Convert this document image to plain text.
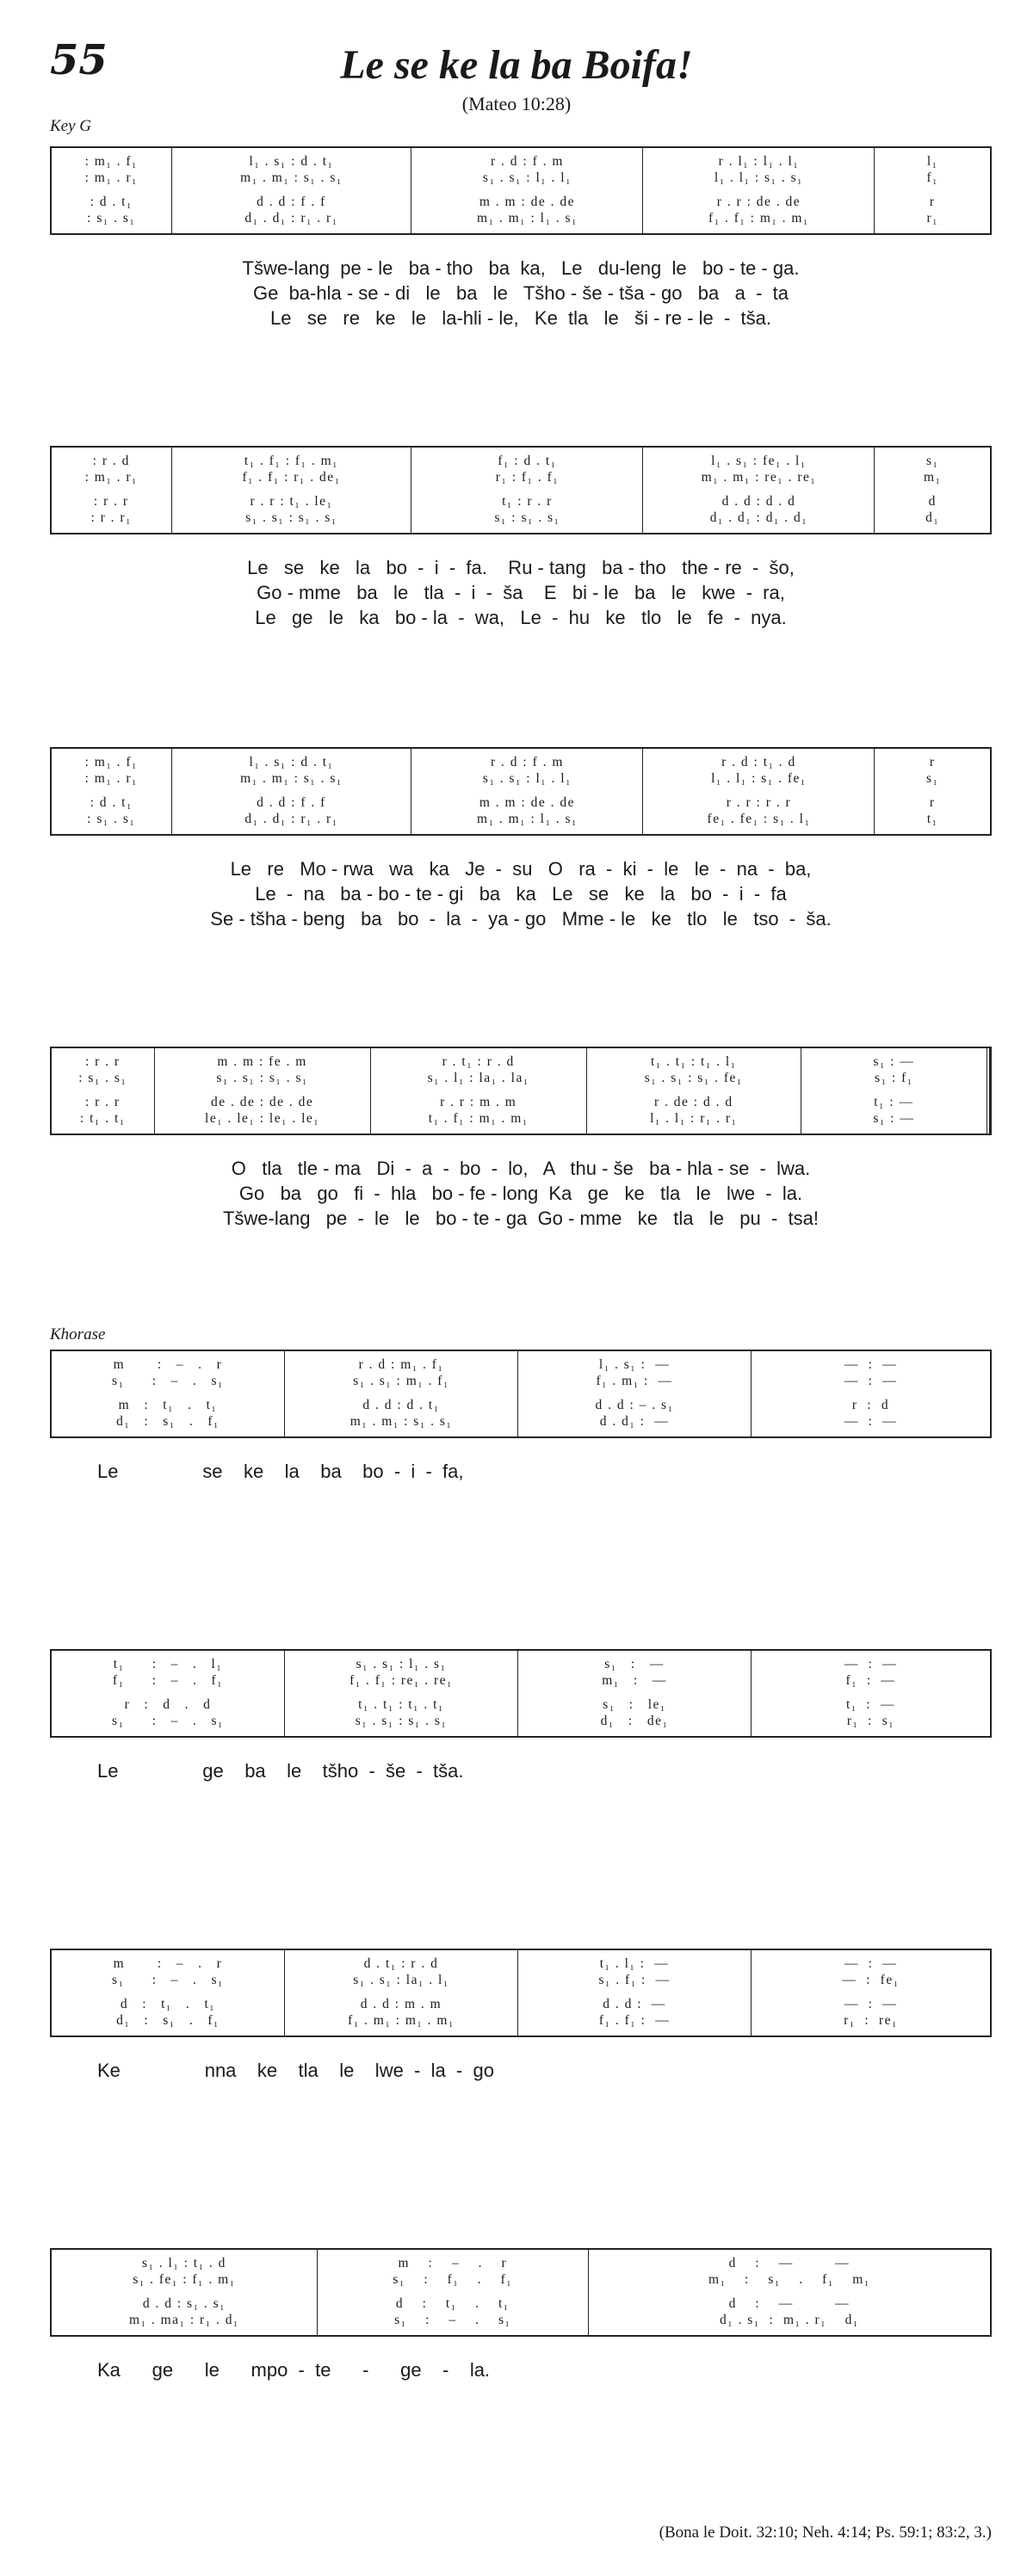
55	Le se ke la ba Boifa!
(Mateo 10:28)
Key G
: m₁ . f₁
: m₁ . r₁
: d . t₁
: s₁ . s₁
l₁ . s₁ : d . t₁
m₁ . m₁ : s₁ . s₁
d . d : f . f
d₁ . d₁ : r₁ . r₁
r . d : f . m
s₁ . s₁ : l₁ . l₁
m . m : de . de
m₁ . m₁ : l₁ . s₁
r . l₁ : l₁ . l₁
l₁ . l₁ : s₁ . s₁
r . r : de . de
f₁ . f₁ : m₁ . m₁
l₁
f₁
r
r₁
Tšwe-lang  pe - le   ba - tho   ba  ka,   Le   du-leng  le   bo - te - ga.
Ge  ba-hla - se - di   le   ba   le   Tšho - še - tša - go   ba   a  -  ta
Le   se   re   ke   le   la-hli - le,   Ke  tla   le   ši - re - le  -  tša.
: r . d
: m₁ . r₁
: r . r
: r . r₁
t₁ . f₁ : f₁ . m₁
f₁ . f₁ : r₁ . de₁
r . r : t₁ . le₁
s₁ . s₁ : s₁ . s₁
f₁ : d . t₁
r₁ : f₁ . f₁
t₁ : r . r
s₁ : s₁ . s₁
l₁ . s₁ : fe₁ . l₁
m₁ . m₁ : re₁ . re₁
d . d : d . d
d₁ . d₁ : d₁ . d₁
s₁
m₁
d
d₁
Le   se   ke   la   bo  -  i  -  fa.    Ru - tang   ba - tho   the - re  -  šo,
Go - mme   ba   le   tla  -  i  -  ša    E   bi - le   ba   le   kwe  -  ra,
Le   ge   le   ka   bo - la  -  wa,   Le  -  hu   ke   tlo   le   fe  -  nya.
: m₁ . f₁
: m₁ . r₁
: d . t₁
: s₁ . s₁
l₁ . s₁ : d . t₁
m₁ . m₁ : s₁ . s₁
d . d : f . f
d₁ . d₁ : r₁ . r₁
r . d : f . m
s₁ . s₁ : l₁ . l₁
m . m : de . de
m₁ . m₁ : l₁ . s₁
r . d : t₁ . d
l₁ . l₁ : s₁ . fe₁
r . r : r . r
fe₁ . fe₁ : s₁ . l₁
r
s₁
r
t₁
Le   re   Mo - rwa   wa   ka   Je  -  su   O   ra  -  ki  -  le   le  -  na  -  ba,
Le  -  na   ba - bo - te - gi   ba   ka   Le   se   ke   la   bo  -  i  -  fa
Se - tšha - beng   ba   bo  -  la  -  ya - go   Mme - le   ke   tlo   le   tso  -  ša.
: r . r
: s₁ . s₁
: r . r
: t₁ . t₁
m . m : fe . m
s₁ . s₁ : s₁ . s₁
de . de : de . de
le₁ . le₁ : le₁ . le₁
r . t₁ : r . d
s₁ . l₁ : la₁ . la₁
r . r : m . m
t₁ . f₁ : m₁ . m₁
t₁ . t₁ : t₁ . l₁
s₁ . s₁ : s₁ . fe₁
r . de : d . d
l₁ . l₁ : r₁ . r₁
s₁ : —
s₁ : f₁
t₁ : —
s₁ : —
O   tla   tle - ma   Di  -  a  -  bo  -  lo,   A   thu - še   ba - hla - se  -  lwa.
Go   ba   go   fi  -  hla   bo - fe - long  Ka   ge   ke   tla   le   lwe  -  la.
Tšwe-lang   pe  -  le   le   bo - te - ga  Go - mme   ke   tla   le   pu  -  tsa!
Khorase
m       :   –   .   r
s₁      :   –   .   s₁
m   :   t₁   .   t₁
d₁   :   s₁   .   f₁
r . d : m₁ . f₁
s₁ . s₁ : m₁ . f₁
d . d : d . t₁
m₁ . m₁ : s₁ . s₁
l₁ . s₁ :  —
f₁ . m₁ :  —
d . d : – . s₁
d . d₁ :  —
—  :  —
—  :  —
r  :  d
—  :  —
Le                se    ke    la    ba    bo  -  i  -  fa,
t₁      :   –   .   l₁
f₁      :   –   .   f₁
r   :   d   .   d
s₁      :   –   .   s₁
s₁ . s₁ : l₁ . s₁
f₁ . f₁ : re₁ . re₁
t₁ . t₁ : t₁ . t₁
s₁ . s₁ : s₁ . s₁
s₁   :   —
m₁   :   —
s₁   :   le₁
d₁   :   de₁
—  :  —
f₁  :  —
t₁  :  —
r₁  :  s₁
Le                ge    ba    le    tšho  -  še  -  tša.
m       :   –   .   r
s₁      :   –   .   s₁
d   :   t₁   .   t₁
d₁   :   s₁   .   f₁
d . t₁ : r . d
s₁ . s₁ : la₁ . l₁
d . d : m . m
f₁ . m₁ : m₁ . m₁
t₁ . l₁ :  —
s₁ . f₁ :  —
d . d :  —
f₁ . f₁ :  —
—  :  —
—  :  fe₁
—  :  —
r₁  :  re₁
Ke                nna    ke    tla    le    lwe  -  la  -  go
s₁ . l₁ : t₁ . d
s₁ . fe₁ : f₁ . m₁
d . d : s₁ . s₁
m₁ . ma₁ : r₁ . d₁
m    :    –    .    r
s₁    :    f₁    .    f₁
d    :    t₁    .    t₁
s₁    :    –    .    s₁
d    :    —         —
m₁    :    s₁    .    f₁    m₁
d    :    —         —
d₁ . s₁  :  m₁ . r₁    d₁
Ka      ge      le      mpo  -  te      -      ge    -    la.
(Bona le Doit. 32:10; Neh. 4:14; Ps. 59:1; 83:2, 3.)
